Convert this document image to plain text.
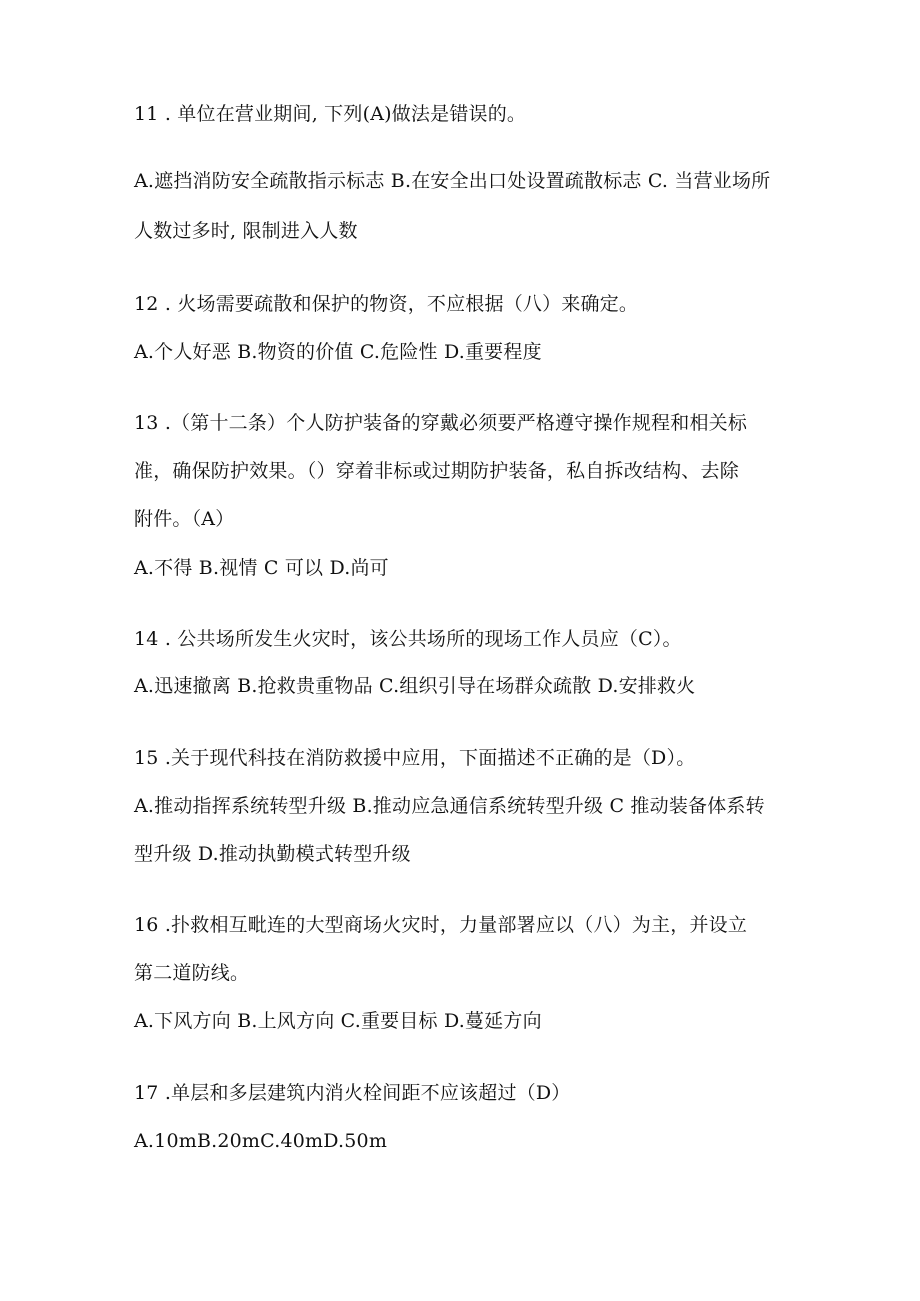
11 . 单位在营业期间, 下列(A)做法是错误的。
A.遮挡消防安全疏散指示标志 B.在安全出口处设置疏散标志 C. 当营业场所
人数过多时, 限制进入人数
12 . 火场需要疏散和保护的物资，不应根据（八）来确定。
A.个人好恶 B.物资的价值 C.危险性 D.重要程度
13 .（第十二条）个人防护装备的穿戴必须要严格遵守操作规程和相关标
准，确保防护效果。（）穿着非标或过期防护装备，私自拆改结构、去除
附件。（A）
A.不得 B.视情 C 可以 D.尚可
14 . 公共场所发生火灾时，该公共场所的现场工作人员应（C）。
A.迅速撤离 B.抢救贵重物品 C.组织引导在场群众疏散 D.安排救火
15 .关于现代科技在消防救援中应用，下面描述不正确的是（D）。
A.推动指挥系统转型升级 B.推动应急通信系统转型升级 C 推动装备体系转
型升级 D.推动执勤模式转型升级
16 .扑救相互毗连的大型商场火灾时，力量部署应以（八）为主，并设立
第二道防线。
A.下风方向 B.上风方向 C.重要目标 D.蔓延方向
17 .单层和多层建筑内消火栓间距不应该超过（D）
A.10mB.20mC.40mD.50m
